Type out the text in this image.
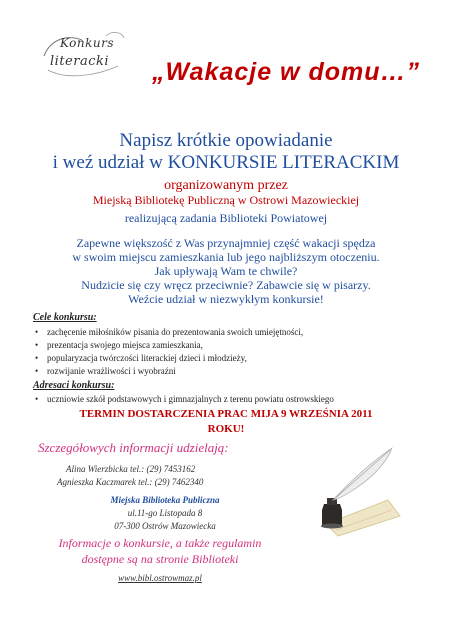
Konkurs
literacki „Wakacje w domu…”
Napisz krótkie opowiadanie
i weź udział w KONKURSIE LITERACKIM
organizowanym przez
Miejską Bibliotekę Publiczną w Ostrowi Mazowieckiej
realizującą zadania Biblioteki Powiatowej
Zapewne większość z Was przynajmniej część wakacji spędza
w swoim miejscu zamieszkania lub jego najbliższym otoczeniu.
Jak upływają Wam te chwile?
Nudzicie się czy wręcz przeciwnie? Zabawcie się w pisarzy.
Weźcie udział w niezwykłym konkursie!
Cele konkursu:
• zachęcenie miłośników pisania do prezentowania swoich umiejętności,
• prezentacja swojego miejsca zamieszkania,
• popularyzacja twórczości literackiej dzieci i młodzieży,
• rozwijanie wrażliwości i wyobraźni
Adresaci konkursu:
• uczniowie szkół podstawowych i gimnazjalnych z terenu powiatu ostrowskiego
TERMIN DOSTARCZENIA PRAC MIJA 9 WRZEŚNIA 2011
ROKU!
Szczegółowych informacji udzielają:
Alina Wierzbicka tel.: (29) 7453162
Agnieszka Kaczmarek tel.: (29) 7462340
Miejska Biblioteka Publiczna
ul.11-go Listopada 8
07-300 Ostrów Mazowiecka
Informacje o konkursie, a także regulamin
dostępne są na stronie Biblioteki
www.bibl.ostrowmaz.pl
